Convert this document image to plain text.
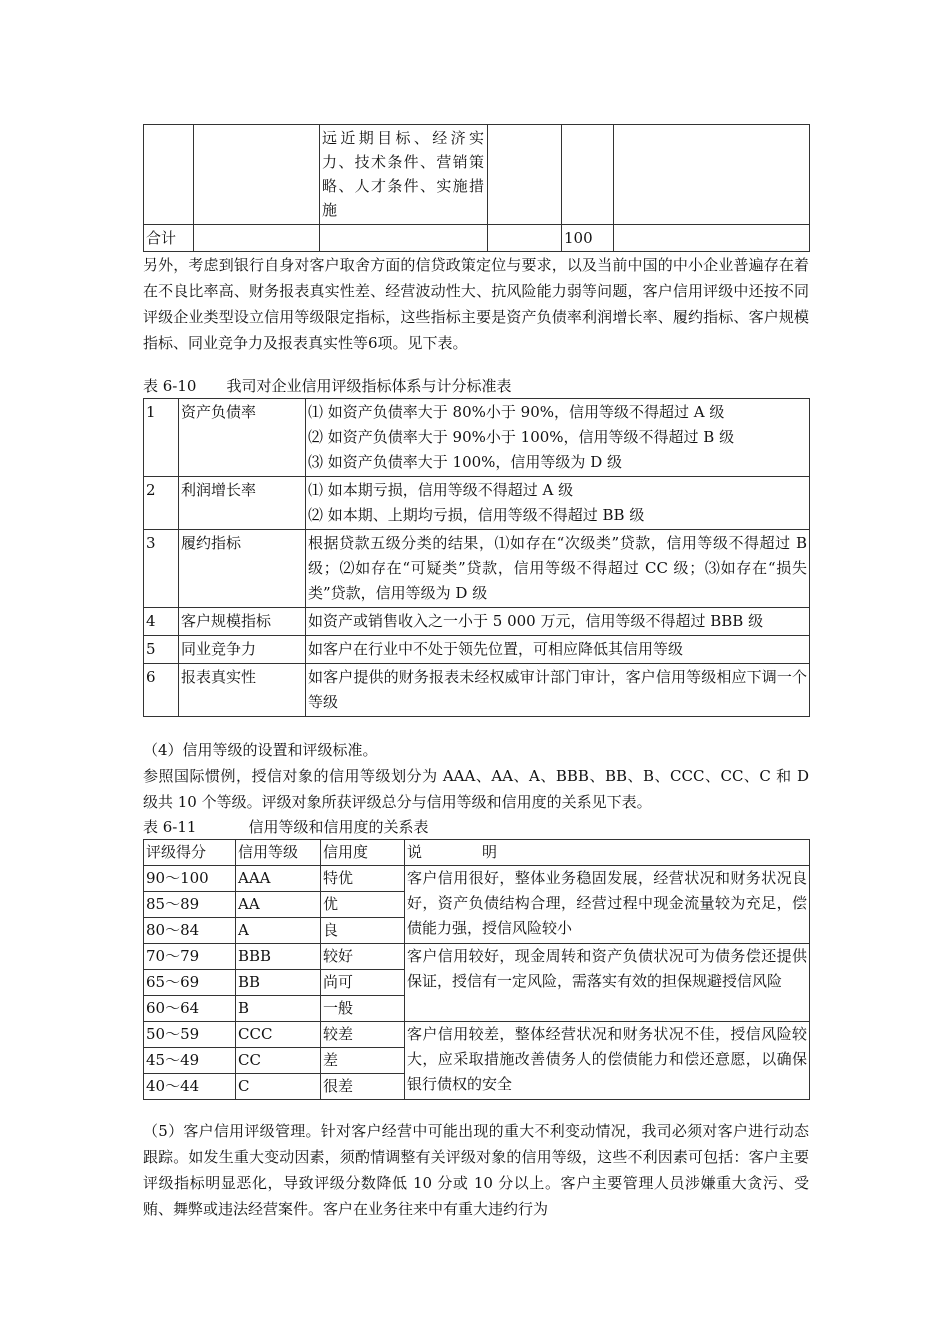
		远近期目标、经济实力、技术条件、营销策略、人才条件、实施措施			
合计				100	

另外，考虑到银行自身对客户取舍方面的信贷政策定位与要求，以及当前中国的中小企业普遍存在着在不良比率高、财务报表真实性差、经营波动性大、抗风险能力弱等问题，客户信用评级中还按不同评级企业类型设立信用等级限定指标，这些指标主要是资产负债率利润增长率、履约指标、客户规模指标、同业竞争力及报表真实性等6项。见下表。

表 6-10 我司对企业信用评级指标体系与计分标准表
1	资产负债率	⑴ 如资产负债率大于 80%小于 90%，信用等级不得超过 A 级
⑵ 如资产负债率大于 90%小于 100%，信用等级不得超过 B 级
⑶ 如资产负债率大于 100%，信用等级为 D 级

2	利润增长率	⑴ 如本期亏损，信用等级不得超过 A 级
⑵ 如本期、上期均亏损，信用等级不得超过 BB 级

3	履约指标	根据贷款五级分类的结果，⑴如存在“次级类”贷款，信用等级不得超过 B 级；⑵如存在“可疑类”贷款，信用等级不得超过 CC 级；⑶如存在“损失类”贷款，信用等级为 D 级

4	客户规模指标	如资产或销售收入之一小于 5 000 万元，信用等级不得超过 BBB 级

5	同业竞争力	如客户在行业中不处于领先位置，可相应降低其信用等级

6	报表真实性	如客户提供的财务报表未经权威审计部门审计，客户信用等级相应下调一个等级

（4）信用等级的设置和评级标准。

参照国际惯例，授信对象的信用等级划分为 AAA、AA、A、BBB、BB、B、CCC、CC、C 和 D 级共 10 个等级。评级对象所获评级总分与信用等级和信用度的关系见下表。

表 6-11	信用等级和信用度的关系表
评级得分	信用等级	信用度	说　　　　明
90～100	AAA	特优	客户信用很好，整体业务稳固发展，经营状况和财务状况良好，资产负债结构合理，经营过程中现金流量较为充足，偿债能力强，授信风险较小
85～89	AA	优	
80～84	A	良	
70～79	BBB	较好	客户信用较好，现金周转和资产负债状况可为债务偿还提供保证，授信有一定风险，需落实有效的担保规避授信风险
65～69	BB	尚可	
60～64	B	一般	
50～59	CCC	较差	客户信用较差，整体经营状况和财务状况不佳，授信风险较大，应采取措施改善债务人的偿债能力和偿还意愿，以确保银行债权的安全
45～49	CC	差	
40～44	C	很差	

（5）客户信用评级管理。针对客户经营中可能出现的重大不利变动情况，我司必须对客户进行动态跟踪。如发生重大变动因素，须酌情调整有关评级对象的信用等级，这些不利因素可包括：客户主要评级指标明显恶化，导致评级分数降低 10 分或 10 分以上。客户主要管理人员涉嫌重大贪污、受贿、舞弊或违法经营案件。客户在业务往来中有重大违约行为
